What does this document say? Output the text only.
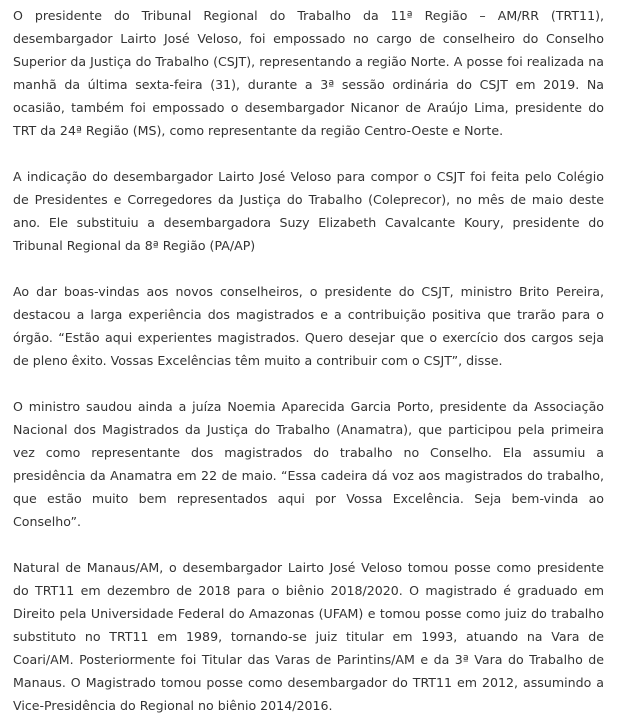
O presidente do Tribunal Regional do Trabalho da 11ª Região – AM/RR (TRT11), desembargador Lairto José Veloso, foi empossado no cargo de conselheiro do Conselho Superior da Justiça do Trabalho (CSJT), representando a região Norte. A posse foi realizada na manhã da última sexta-feira (31), durante a 3ª sessão ordinária do CSJT em 2019. Na ocasião, também foi empossado o desembargador Nicanor de Araújo Lima, presidente do TRT da 24ª Região (MS), como representante da região Centro-Oeste e Norte.

A indicação do desembargador Lairto José Veloso para compor o CSJT foi feita pelo Colégio de Presidentes e Corregedores da Justiça do Trabalho (Coleprecor), no mês de maio deste ano. Ele substituiu a desembargadora Suzy Elizabeth Cavalcante Koury, presidente do Tribunal Regional da 8ª Região (PA/AP)

Ao dar boas-vindas aos novos conselheiros, o presidente do CSJT, ministro Brito Pereira, destacou a larga experiência dos magistrados e a contribuição positiva que trarão para o órgão. “Estão aqui experientes magistrados. Quero desejar que o exercício dos cargos seja de pleno êxito. Vossas Excelências têm muito a contribuir com o CSJT”, disse.

O ministro saudou ainda a juíza Noemia Aparecida Garcia Porto, presidente da Associação Nacional dos Magistrados da Justiça do Trabalho (Anamatra), que participou pela primeira vez como representante dos magistrados do trabalho no Conselho. Ela assumiu a presidência da Anamatra em 22 de maio. “Essa cadeira dá voz aos magistrados do trabalho, que estão muito bem representados aqui por Vossa Excelência. Seja bem-vinda ao Conselho”.

Natural de Manaus/AM, o desembargador Lairto José Veloso tomou posse como presidente do TRT11 em dezembro de 2018 para o biênio 2018/2020. O magistrado é graduado em Direito pela Universidade Federal do Amazonas (UFAM) e tomou posse como juiz do trabalho substituto no TRT11 em 1989, tornando-se juiz titular em 1993, atuando na Vara de Coari/AM. Posteriormente foi Titular das Varas de Parintins/AM e da 3ª Vara do Trabalho de Manaus. O Magistrado tomou posse como desembargador do TRT11 em 2012, assumindo a Vice-Presidência do Regional no biênio 2014/2016.
